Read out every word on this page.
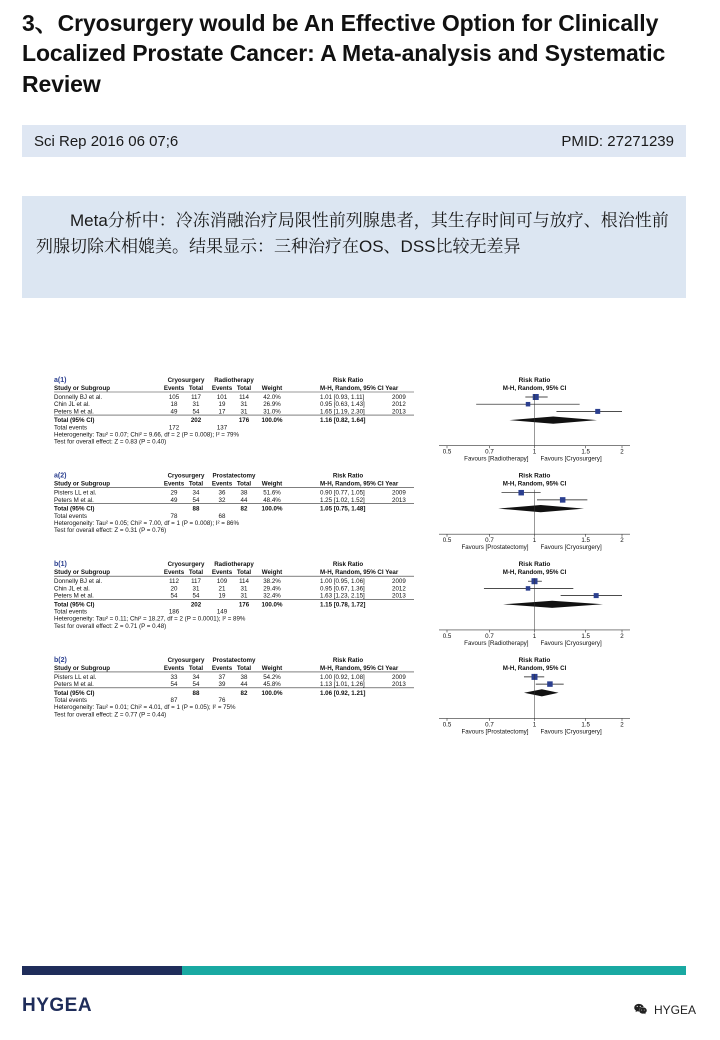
3、Cryosurgery would be An Effective Option for Clinically Localized Prostate Cancer: A Meta-analysis and Systematic Review
Sci Rep 2016 06 07;6	PMID: 27271239
Meta分析中：冷冻消融治疗局限性前列腺患者，其生存时间可与放疗、根治性前列腺切除术相媲美。结果显示：三种治疗在OS、DSS比较无差异
a(1)	Cryosurgery Radiotherapy	Risk Ratio	Risk Ratio
Study or Subgroup	Events Total Events Total Weight	M-H, Random, 95% CI Year	M-H, Random, 95% CI
Donnelly BJ et al.	105 117	101 114 42.0%	1.01 [0.93, 1.11]	2009
Chin JL et al.	18 31	19 31	26.9%	0.95 [0.63, 1.43]	2012
Peters M et al.	49 54	17 31	31.0%	1.65 [1.19, 2.30]	2013
Total (95% CI)	202	176 100.0%	1.16 [0.82, 1.64]
Total events	172	137
Heterogeneity: Tau² = 0.07; Chi² = 9.66, df = 2 (P = 0.008); I² = 79%
Test for overall effect: Z = 0.83 (P = 0.40)
0.5	0.7	1	1.5	2
Favours [Radiotherapy] Favours [Cryosurgery]
a(2)	Cryosurgery Prostatectomy	Risk Ratio	Risk Ratio
Study or Subgroup	Events Total Events Total Weight	M-H, Random, 95% CI Year	M-H, Random, 95% CI
Pisters LL et al.	29 34	36 38	51.6%	0.90 [0.77, 1.05]	2009
Peters M et al.	49 54	32 44	48.4%	1.25 [1.02, 1.52]	2013
Total (95% CI)	88	82 100.0%	1.05 [0.75, 1.48]
Total events	78	68
Heterogeneity: Tau² = 0.05; Chi² = 7.00, df = 1 (P = 0.008); I² = 86%
Test for overall effect: Z = 0.31 (P = 0.76)
0.5	0.7	1	1.5	2
Favours [Prostatectomy] Favours [Cryosurgery]
b(1)	Cryosurgery Radiotherapy	Risk Ratio	Risk Ratio
Study or Subgroup	Events Total Events Total Weight	M-H, Random, 95% CI Year	M-H, Random, 95% CI
Donnelly BJ et al.	112 117	109 114 38.2%	1.00 [0.95, 1.06]	2009
Chin JL et al.	20 31	21 31	29.4%	0.95 [0.67, 1.36]	2012
Peters M et al.	54 54	19 31	32.4%	1.63 [1.23, 2.15]	2013
Total (95% CI)	202	176 100.0%	1.15 [0.78, 1.72]
Total events	186	149
Heterogeneity: Tau² = 0.11; Chi² = 18.27, df = 2 (P = 0.0001); I² = 89%
Test for overall effect: Z = 0.71 (P = 0.48)
0.5	0.7	1	1.5	2
Favours [Radiotherapy] Favours [Cryosurgery]
b(2)	Cryosurgery Prostatectomy	Risk Ratio	Risk Ratio
Study or Subgroup	Events Total Events Total Weight	M-H, Random, 95% CI Year	M-H, Random, 95% CI
Pisters LL et al.	33 34	37 38	54.2%	1.00 [0.92, 1.08]	2009
Peters M et al.	54 54	39 44	45.8%	1.13 [1.01, 1.26]	2013
Total (95% CI)	88	82 100.0%	1.06 [0.92, 1.21]
Total events	87	76
Heterogeneity: Tau² = 0.01; Chi² = 4.01, df = 1 (P = 0.05); I² = 75%
Test for overall effect: Z = 0.77 (P = 0.44)
0.5	0.7	1	1.5	2
Favours [Prostatectomy] Favours [Cryosurgery]
HYGEA	HYGEA
